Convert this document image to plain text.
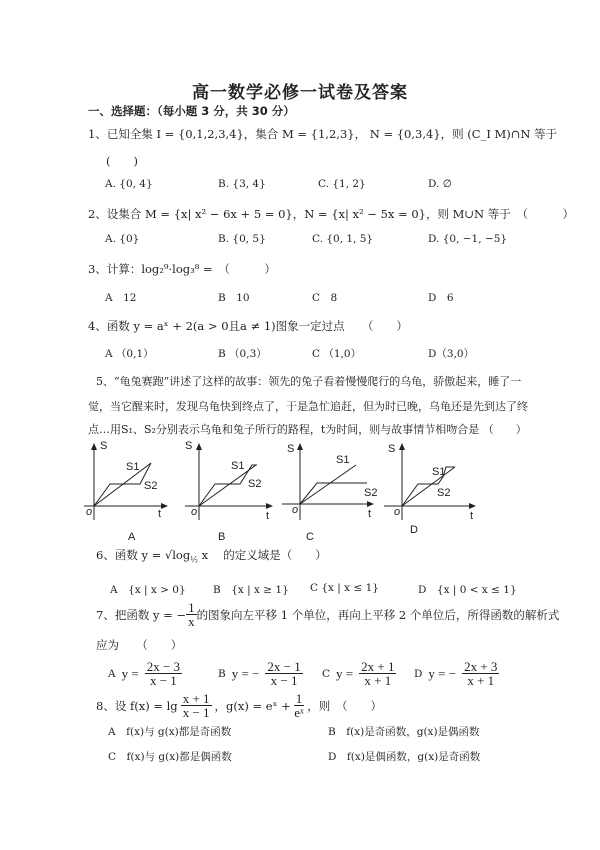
高一数学必修一试卷及答案
一、选择题：（每小题 3 分，共 30 分）
1、已知全集 I = {0,1,2,3,4}，集合 M = {1,2,3}， N = {0,3,4}，则 (C_I M)∩N 等于
(　　)
A. {0, 4}	B. {3, 4}	C. {1, 2}	D. ∅
2、设集合 M = {x| x² − 6x + 5 = 0}，N = {x| x² − 5x = 0}，则 M∪N 等于　（　　　）
A. {0}	B. {0, 5}	C. {0, 1, 5}	D. {0, −1, −5}
3、计算：log₂⁹·log₃⁸ =　（　　　）
A　12	B　10	C　8	D　6
4、函数 y = aˣ + 2(a > 0且a ≠ 1)图象一定过点　　（　　）
A （0,1）	B （0,3）	C （1,0）	D（3,0）
5、“龟兔赛跑”讲述了这样的故事：领先的兔子看着慢慢爬行的乌龟，骄傲起来，睡了一
觉，当它醒来时，发现乌龟快到终点了，于是急忙追赶，但为时已晚，乌龟还是先到达了终
点…用S₁、S₂分别表示乌龟和兔子所行的路程，t为时间，则与故事情节相吻合是 （　　）
S
t
o
S1
S2
A
S
t
o
S1
S2
B
S
t
o
S1
S2
C
S
t
o
S1
S2
D
6、函数 $y = √\log_{\frac{1}{2}}$ x　 的定义域是（　　）
A　{x | x > 0}	B　{x | x ≥ 1} C {x | x ≤ 1}	D　{x | 0 < x ≤ 1}
7、把函数 y = − $\frac{1}{x}$ 的图象向左平移 1 个单位，再向上平移 2 个单位后，所得函数的解析式
应为　　（　　）
A $y = \frac{2x - 3}{x - 1}$	B y = − $\frac{2x - 1}{x - 1}$ C $y = \frac{2x + 1}{x + 1}$ D y = − $\frac{2x + 3}{x + 1}$
8、设 $f(x) = \lg \frac{x + 1}{x - 1}$ ，g(x) = eˣ + $\frac{1}{\text{eˣ}}$ ，则　（　　）
A　f(x)与 g(x)都是奇函数	B　f(x)是奇函数，g(x)是偶函数
C　f(x)与 g(x)都是偶函数	D　f(x)是偶函数，g(x)是奇函数
